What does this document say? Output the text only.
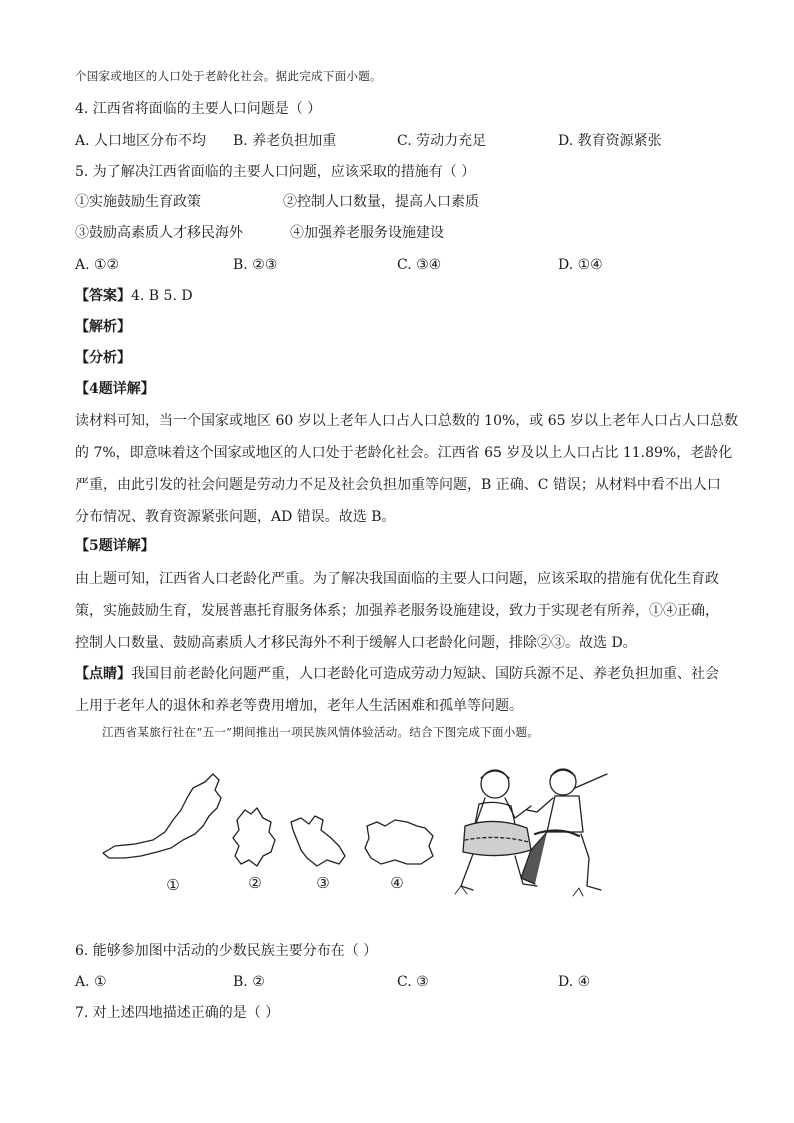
个国家或地区的人口处于老龄化社会。据此完成下面小题。
4. 江西省将面临的主要人口问题是（ ）
A. 人口地区分布不均 B. 养老负担加重	C. 劳动力充足	D. 教育资源紧张
5. 为了解决江西省面临的主要人口问题，应该采取的措施有（ ）
①实施鼓励生育政策	②控制人口数量，提高人口素质
③鼓励高素质人才移民海外	④加强养老服务设施建设
A. ①②	B. ②③	C. ③④	D. ①④
【答案】4. B 5. D
【解析】
【分析】
【4题详解】
读材料可知，当一个国家或地区 60 岁以上老年人口占人口总数的 10%，或 65 岁以上老年人口占人口总数
的 7%，即意味着这个国家或地区的人口处于老龄化社会。江西省 65 岁及以上人口占比 11.89%，老龄化
严重，由此引发的社会问题是劳动力不足及社会负担加重等问题，B 正确、C 错误；从材料中看不出人口
分布情况、教育资源紧张问题，AD 错误。故选 B。
【5题详解】
由上题可知，江西省人口老龄化严重。为了解决我国面临的主要人口问题，应该采取的措施有优化生育政
策，实施鼓励生育，发展普惠托育服务体系；加强养老服务设施建设，致力于实现老有所养，①④正确，
控制人口数量、鼓励高素质人才移民海外不利于缓解人口老龄化问题，排除②③。故选 D。
【点睛】我国目前老龄化问题严重，人口老龄化可造成劳动力短缺、国防兵源不足、养老负担加重、社会
上用于老年人的退休和养老等费用增加，老年人生活困难和孤单等问题。
江西省某旅行社在“五一”期间推出一项民族风情体验活动。结合下图完成下面小题。
①	②	③	④
6. 能够参加图中活动的少数民族主要分布在（ ）
A. ①	B. ②	C. ③	D. ④
7. 对上述四地描述正确的是（ ）
